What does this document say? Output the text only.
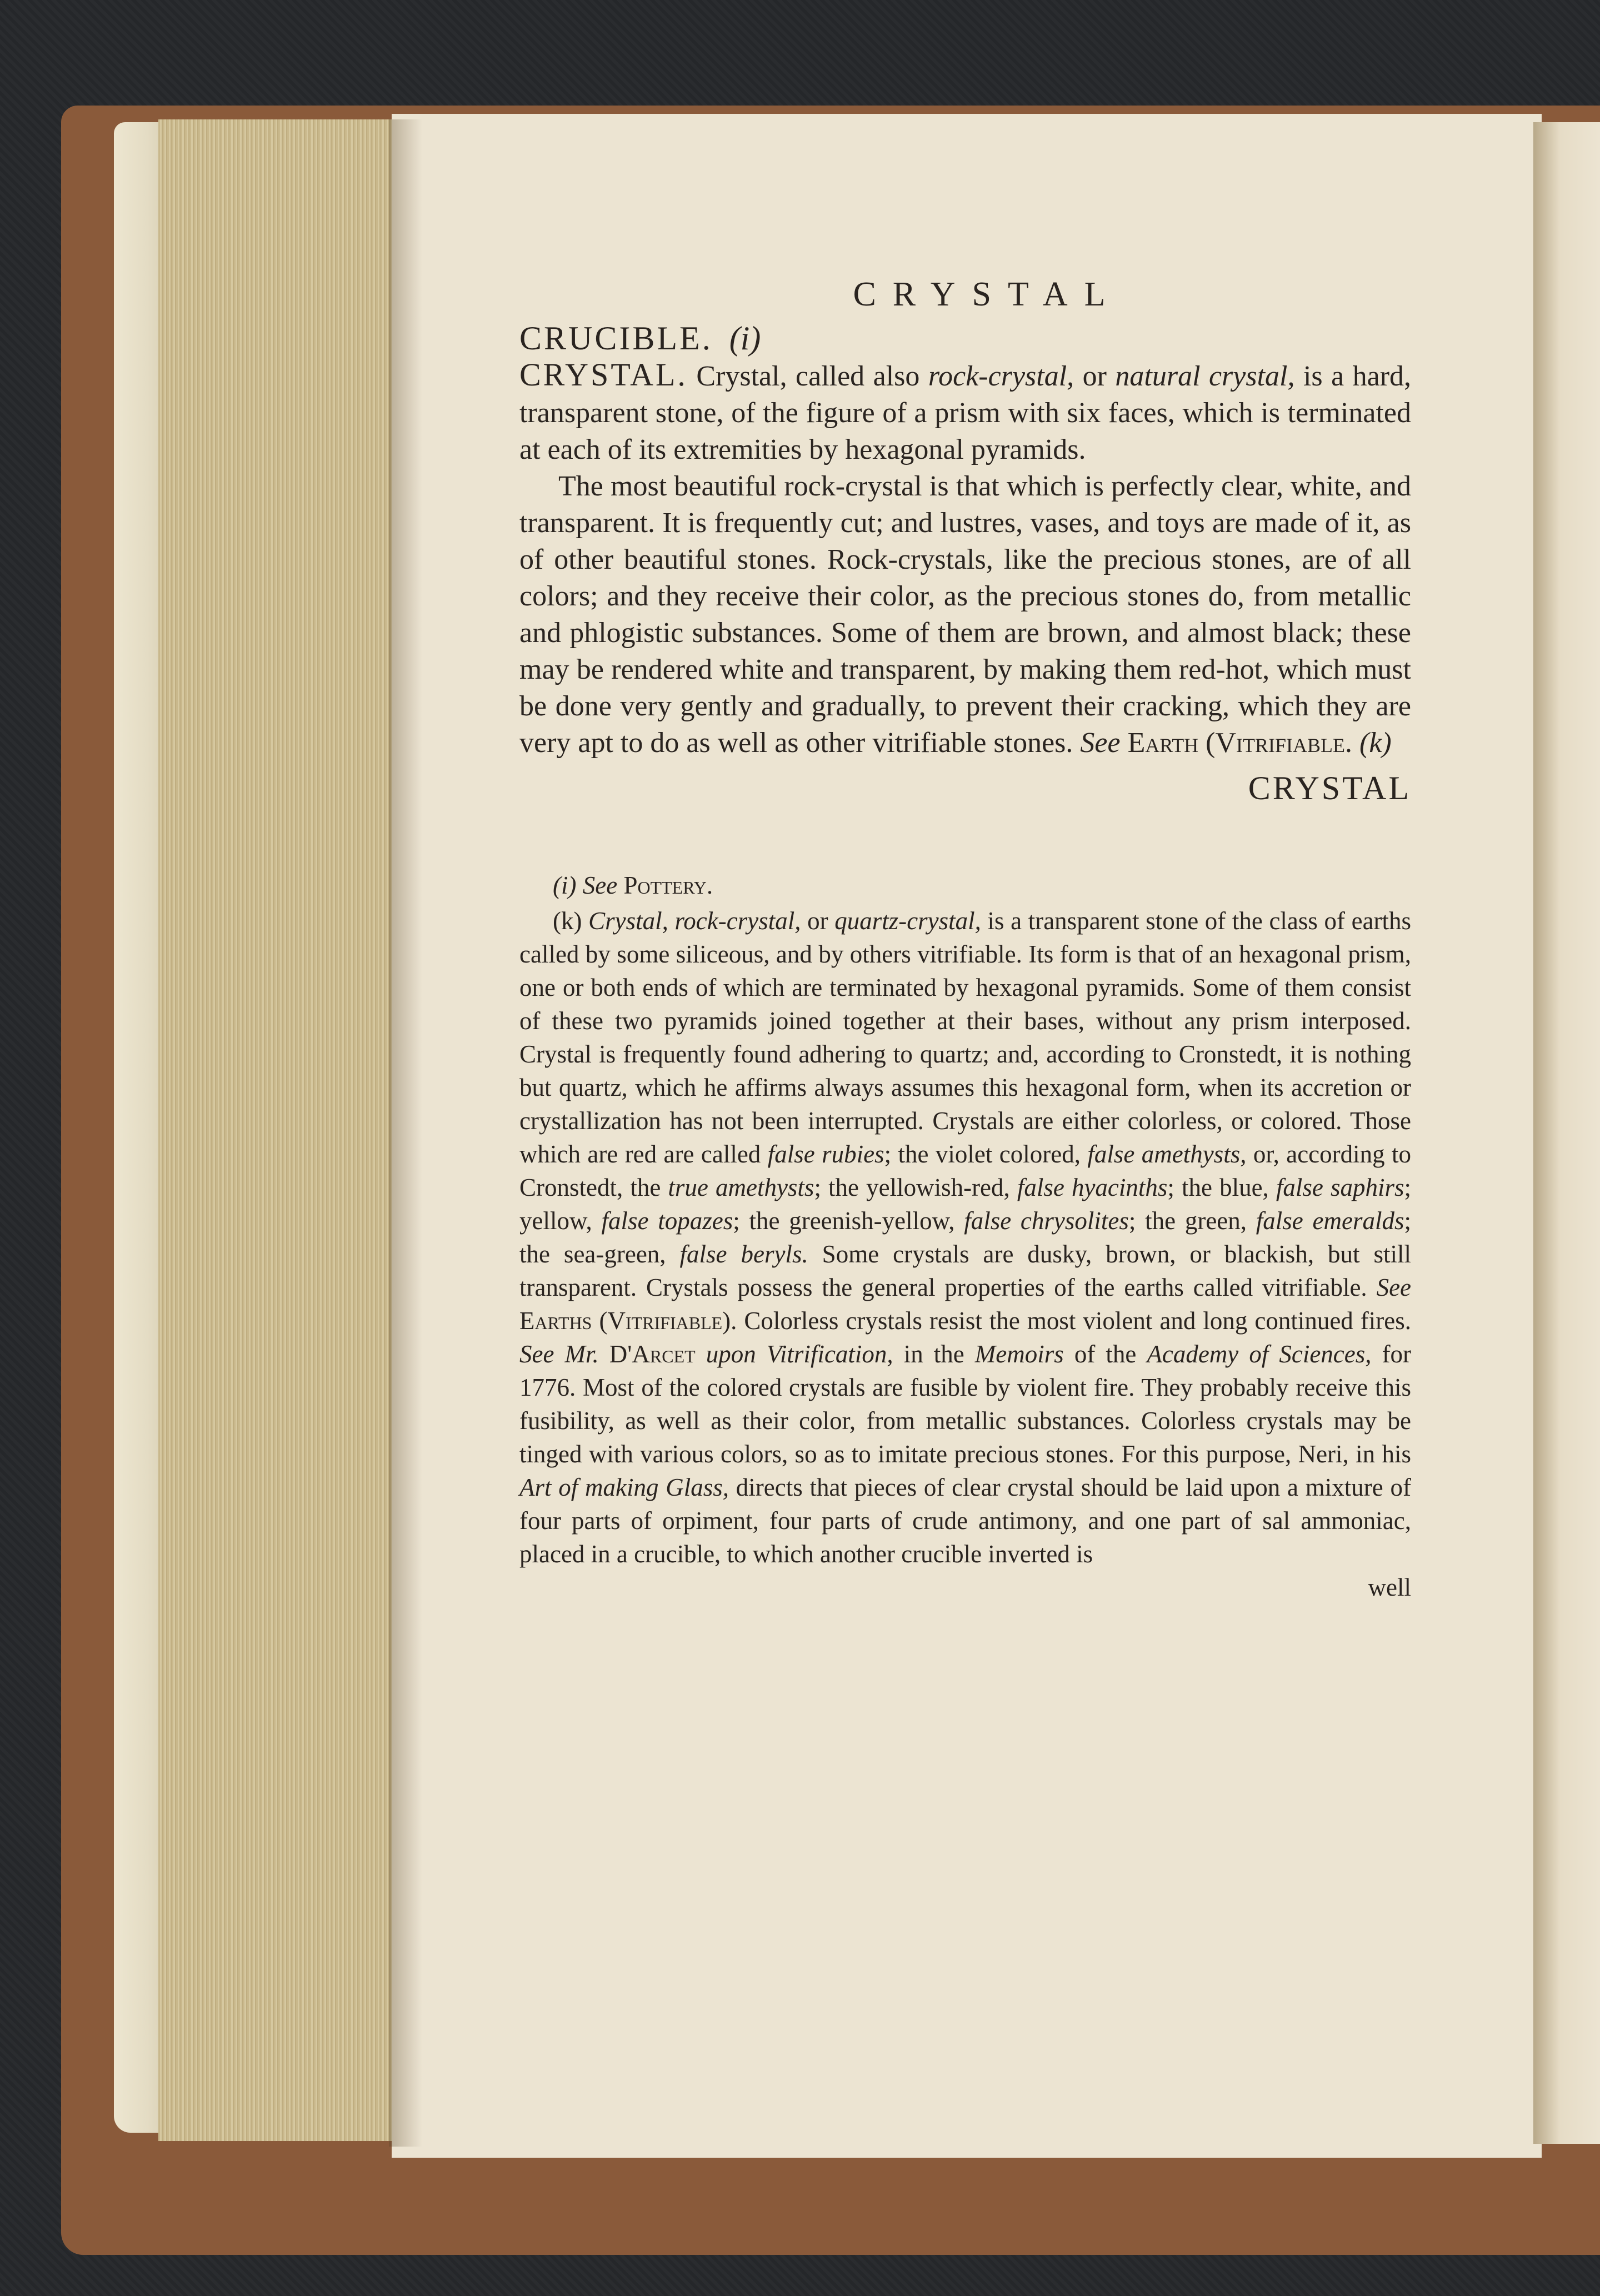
CRYSTAL

CRUCIBLE. (i)

CRYSTAL. Crystal, called also rock-crystal, or natural crystal, is a hard, transparent stone, of the figure of a prism with six faces, which is terminated at each of its extremities by hexagonal pyramids.

The most beautiful rock-crystal is that which is perfectly clear, white, and transparent. It is frequently cut; and lustres, vases, and toys are made of it, as of other beautiful stones. Rock-crystals, like the precious stones, are of all colors; and they receive their color, as the precious stones do, from metallic and phlogistic substances. Some of them are brown, and almost black; these may be rendered white and transparent, by making them red-hot, which must be done very gently and gradually, to prevent their cracking, which they are very apt to do as well as other vitrifiable stones. See Earth (Vitrifiable. (k)

CRYSTAL

(i) See Pottery.

(k) Crystal, rock-crystal, or quartz-crystal, is a transparent stone of the class of earths called by some siliceous, and by others vitrifiable. Its form is that of an hexagonal prism, one or both ends of which are terminated by hexagonal pyramids. Some of them consist of these two pyramids joined together at their bases, without any prism interposed. Crystal is frequently found adhering to quartz; and, according to Cronstedt, it is nothing but quartz, which he affirms always assumes this hexagonal form, when its accretion or crystallization has not been interrupted. Crystals are either colorless, or colored. Those which are red are called false rubies; the violet colored, false amethysts, or, according to Cronstedt, the true amethysts; the yellowish-red, false hyacinths; the blue, false saphirs; yellow, false topazes; the greenish-yellow, false chrysolites; the green, false emeralds; the sea-green, false beryls. Some crystals are dusky, brown, or blackish, but still transparent. Crystals possess the general properties of the earths called vitrifiable. See Earths (Vitrifiable). Colorless crystals resist the most violent and long continued fires. See Mr. D'Arcet upon Vitrification, in the Memoirs of the Academy of Sciences, for 1776. Most of the colored crystals are fusible by violent fire. They probably receive this fusibility, as well as their color, from metallic substances. Colorless crystals may be tinged with various colors, so as to imitate precious stones. For this purpose, Neri, in his Art of making Glass, directs that pieces of clear crystal should be laid upon a mixture of four parts of orpiment, four parts of crude antimony, and one part of sal ammoniac, placed in a crucible, to which another crucible inverted is

well
